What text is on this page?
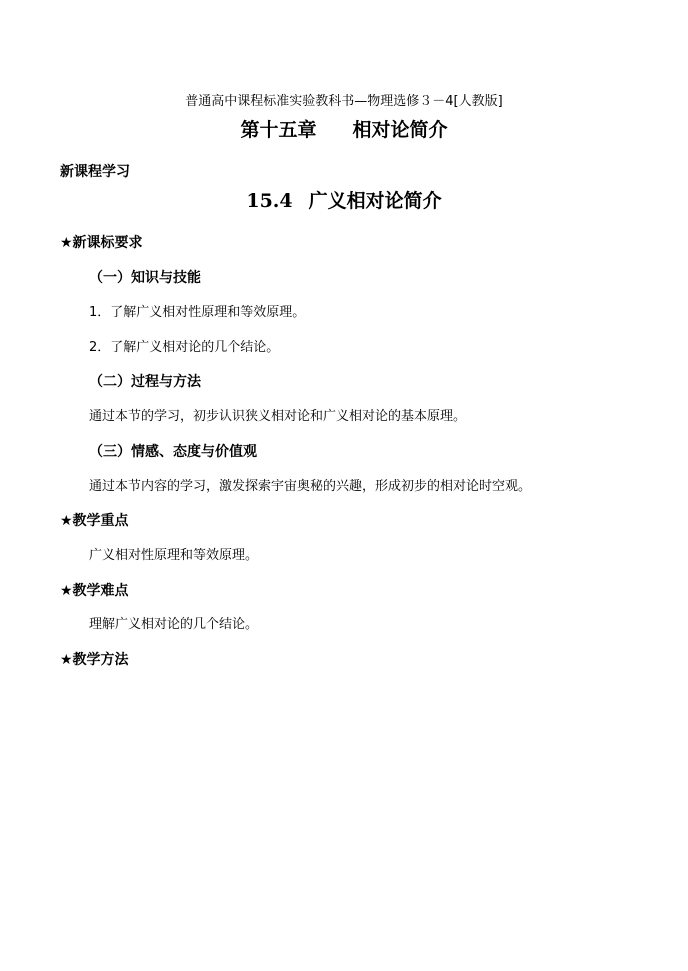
普通高中课程标准实验教科书—物理选修３－4[人教版]
第十五章 相对论简介
新课程学习
15.4 广义相对论简介
★新课标要求
（一）知识与技能
1．了解广义相对性原理和等效原理。
2．了解广义相对论的几个结论。
（二）过程与方法
通过本节的学习，初步认识狭义相对论和广义相对论的基本原理。
（三）情感、态度与价值观
通过本节内容的学习，激发探索宇宙奥秘的兴趣，形成初步的相对论时空观。
★教学重点
广义相对性原理和等效原理。
★教学难点
理解广义相对论的几个结论。
★教学方法
